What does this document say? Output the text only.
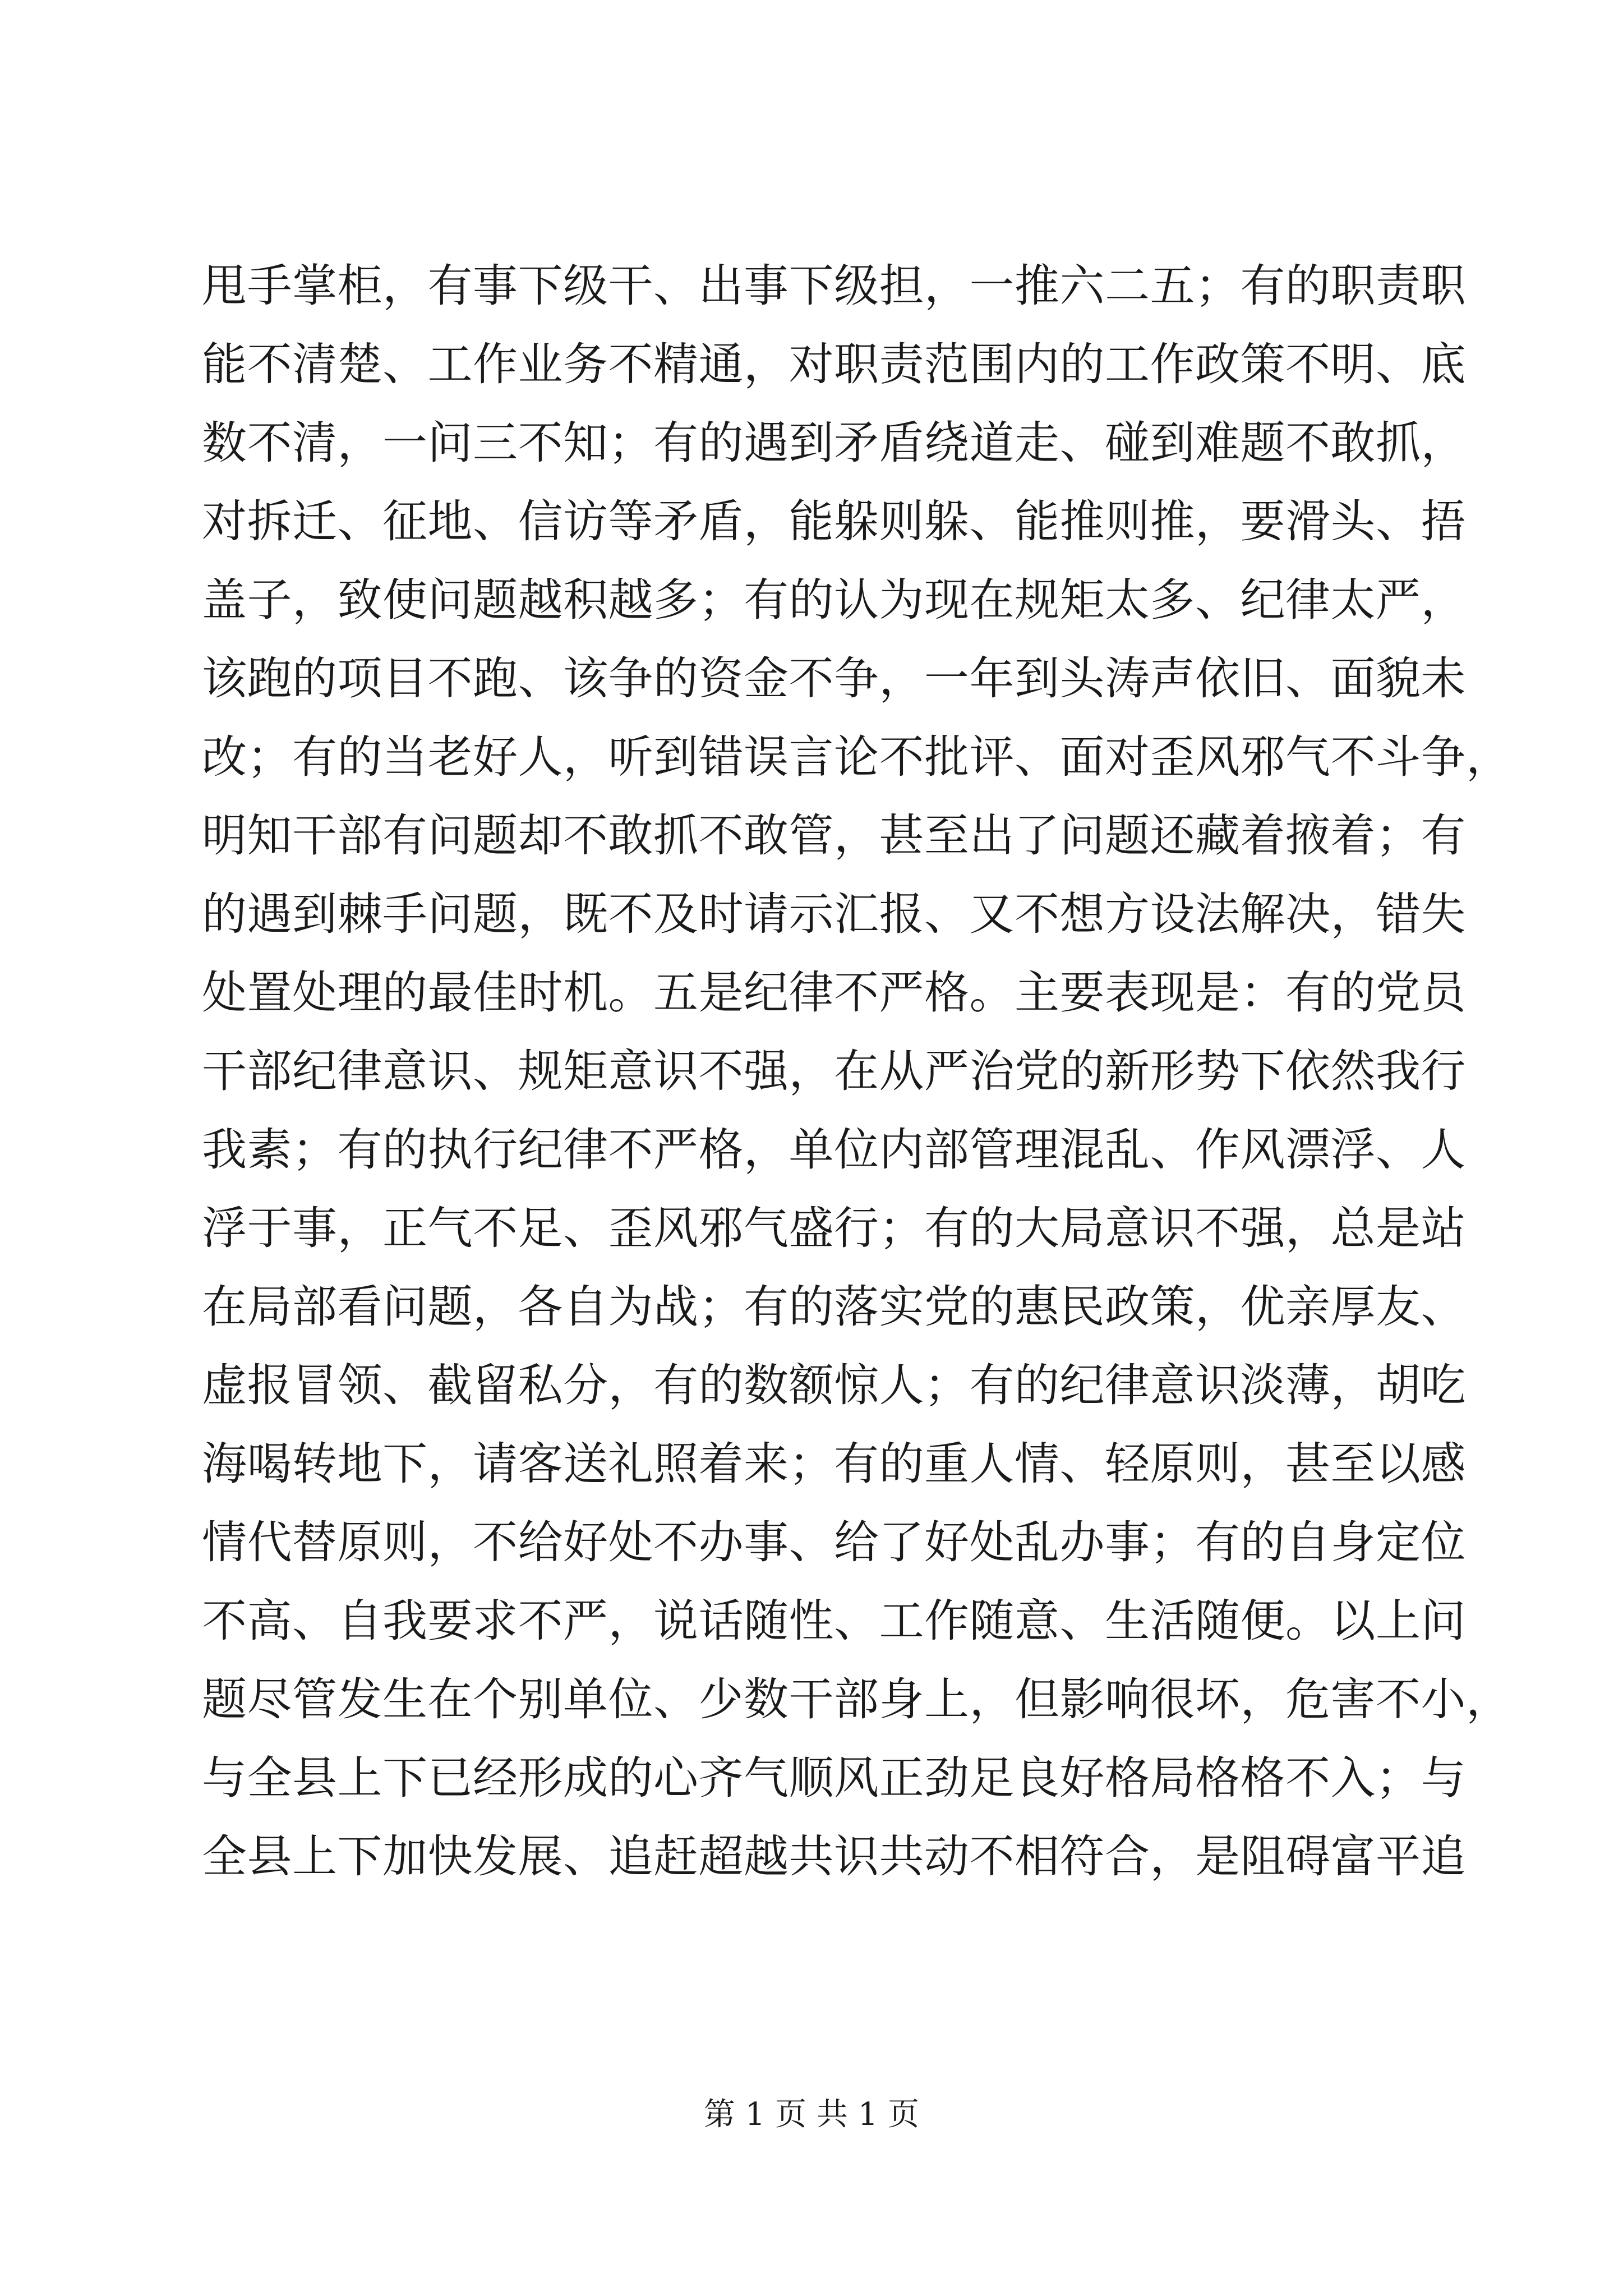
甩手掌柜，有事下级干、出事下级担，一推六二五；有的职责职
能不清楚、工作业务不精通，对职责范围内的工作政策不明、底
数不清，一问三不知；有的遇到矛盾绕道走、碰到难题不敢抓，
对拆迁、征地、信访等矛盾，能躲则躲、能推则推，要滑头、捂
盖子，致使问题越积越多；有的认为现在规矩太多、纪律太严，
该跑的项目不跑、该争的资金不争，一年到头涛声依旧、面貌未
改；有的当老好人，听到错误言论不批评、面对歪风邪气不斗争，
明知干部有问题却不敢抓不敢管，甚至出了问题还藏着掖着；有
的遇到棘手问题，既不及时请示汇报、又不想方设法解决，错失
处置处理的最佳时机。五是纪律不严格。主要表现是：有的党员
干部纪律意识、规矩意识不强，在从严治党的新形势下依然我行
我素；有的执行纪律不严格，单位内部管理混乱、作风漂浮、人
浮于事，正气不足、歪风邪气盛行；有的大局意识不强，总是站
在局部看问题，各自为战；有的落实党的惠民政策，优亲厚友、
虚报冒领、截留私分，有的数额惊人；有的纪律意识淡薄，胡吃
海喝转地下，请客送礼照着来；有的重人情、轻原则，甚至以感
情代替原则，不给好处不办事、给了好处乱办事；有的自身定位
不高、自我要求不严，说话随性、工作随意、生活随便。以上问
题尽管发生在个别单位、少数干部身上，但影响很坏，危害不小，
与全县上下已经形成的心齐气顺风正劲足良好格局格格不入；与
全县上下加快发展、追赶超越共识共动不相符合，是阻碍富平追
第 1 页 共 1 页
